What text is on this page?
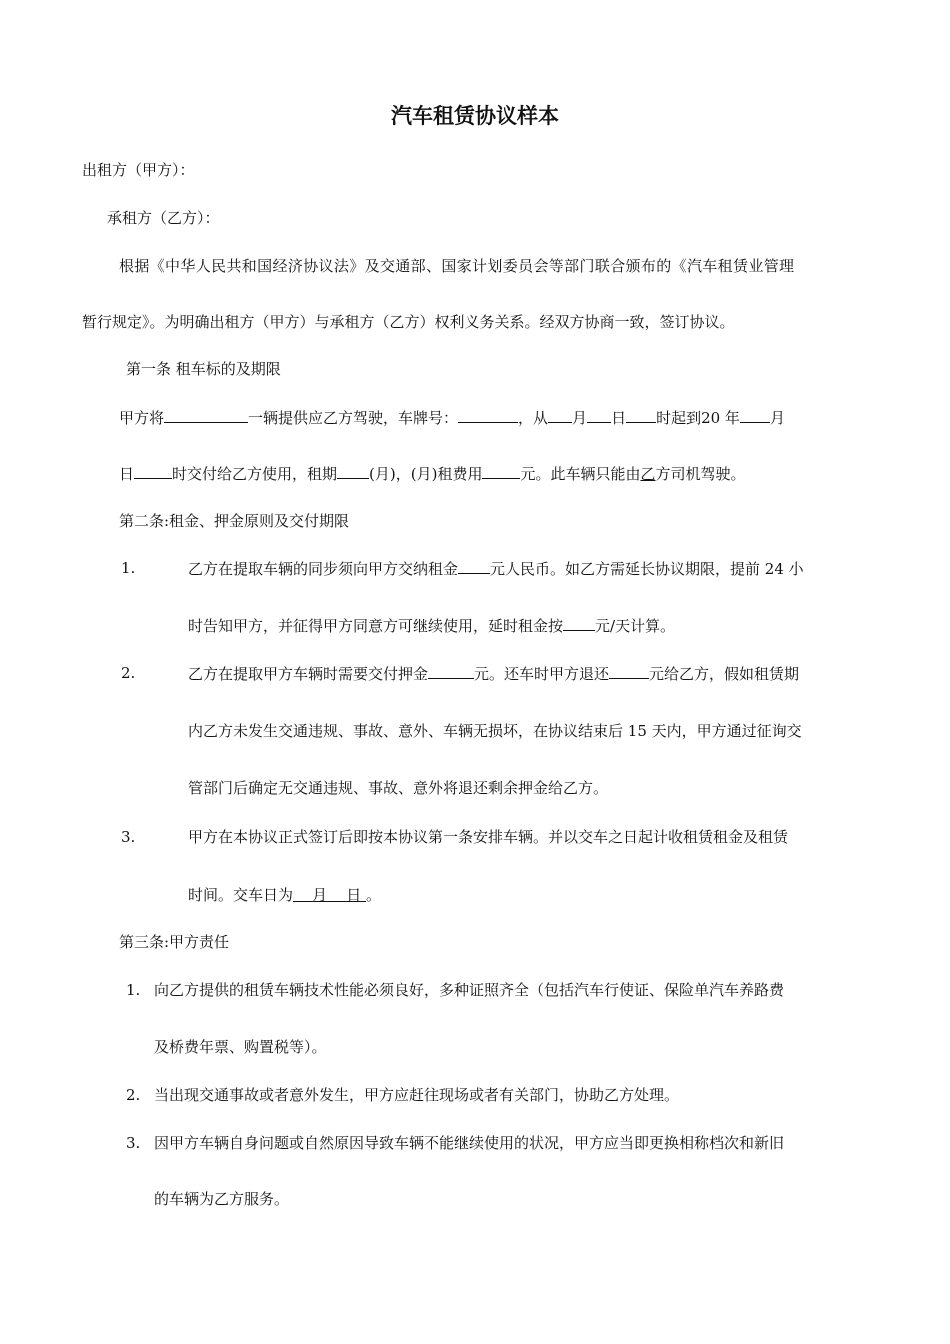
汽车租赁协议样本
出租方（甲方）：
承租方（乙方）：
根据《中华人民共和国经济协议法》及交通部、国家计划委员会等部门联合颁布的《汽车租赁业管理
暂行规定》。为明确出租方（甲方）与承租方（乙方）权利义务关系。经双方协商一致，签订协议。
第一条 租车标的及期限
甲方将	一辆提供应乙方驾驶，车牌号：	，从 月 日 时起到20 年 月
日	时交付给乙方使用，租期 (月)，(月)租费用	元。此车辆只能由乙方司机驾驶。
第二条:租金、押金原则及交付期限
1.	乙方在提取车辆的同步须向甲方交纳租金 元人民币。如乙方需延长协议期限，提前 24 小
时告知甲方，并征得甲方同意方可继续使用，延时租金按 元/天计算。
2.	乙方在提取甲方车辆时需要交付押金	元。还车时甲方退还	元给乙方，假如租赁期
内乙方未发生交通违规、事故、意外、车辆无损坏，在协议结束后 15 天内，甲方通过征询交
管部门后确定无交通违规、事故、意外将退还剩余押金给乙方。
3.	甲方在本协议正式签订后即按本协议第一条安排车辆。并以交车之日起计收租赁租金及租赁
时间。交车日为 月 日 。
第三条:甲方责任
1. 向乙方提供的租赁车辆技术性能必须良好，多种证照齐全（包括汽车行使证、保险单汽车养路费
及桥费年票、购置税等）。
2. 当出现交通事故或者意外发生，甲方应赶往现场或者有关部门，协助乙方处理。
3. 因甲方车辆自身问题或自然原因导致车辆不能继续使用的状况，甲方应当即更换相称档次和新旧
的车辆为乙方服务。
